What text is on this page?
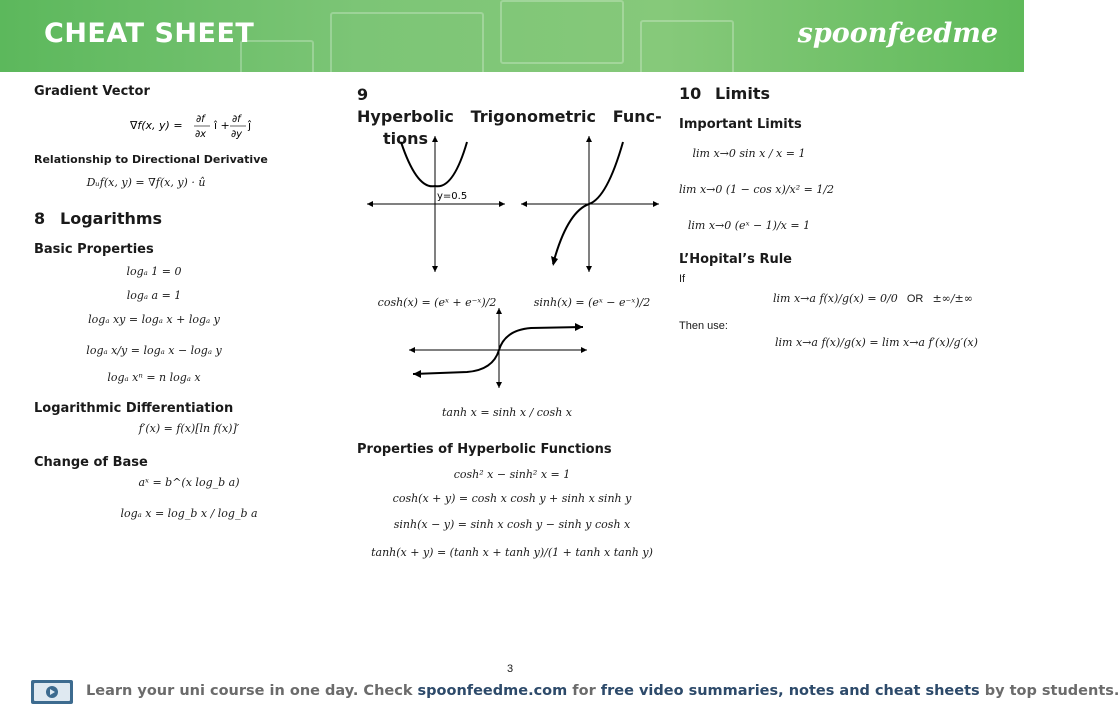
CHEAT SHEET	spoonfeedme
Gradient Vector
∇f(x, y) = ∂f
∂x
î + ∂f
∂y
ĵ
Relationship to Directional Derivative
Dᵤf(x, y) = ∇f(x, y) · û
8 Logarithms
Basic Properties
logₐ 1 = 0
logₐ a = 1
logₐ xy = logₐ x + logₐ y
logₐ x/y = logₐ x − logₐ y
logₐ xⁿ = n logₐ x
Logarithmic Differentiation
f′(x) = f(x)[ln f(x)]′
Change of Base
aˣ = b^(x log_b a)
logₐ x = log_b x / log_b a
9Hyperbolic   Trigonometric   Func-
tions
y=0.5
cosh(x) = (eˣ + e⁻ˣ)/2	sinh(x) = (eˣ − e⁻ˣ)/2
tanh x = sinh x / cosh x
Properties of Hyperbolic Functions
cosh² x − sinh² x = 1
cosh(x + y) = cosh x cosh y + sinh x sinh y
sinh(x − y) = sinh x cosh y − sinh y cosh x
tanh(x + y) = (tanh x + tanh y)/(1 + tanh x tanh y)
10 Limits
Important Limits
lim x→0 sin x / x = 1
lim x→0 (1 − cos x)/x² = 1/2
lim x→0 (eˣ − 1)/x = 1
L’Hopital’s Rule
If
lim x→a f(x)/g(x) = 0/0 OR ±∞/±∞
Then use:
lim x→a f(x)/g(x) = lim x→a f′(x)/g′(x)
3
Learn your uni course in one day. Check spoonfeedme.com for free video summaries, notes and cheat sheets by top students.
